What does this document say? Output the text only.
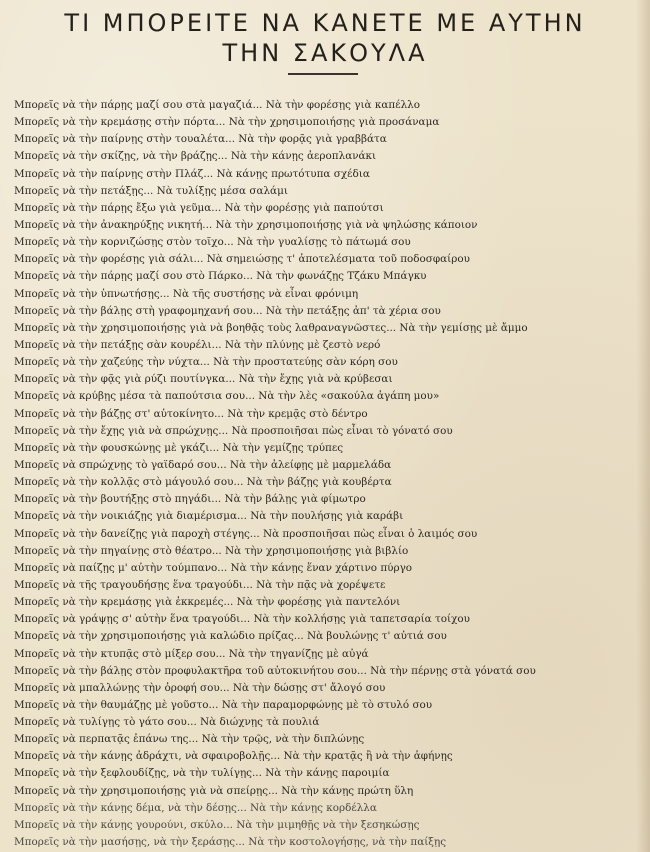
ΤΙ ΜΠΟΡΕΙΤΕ ΝΑ ΚΑΝΕΤΕ ΜΕ ΑΥΤΗΝ
ΤΗΝ ΣΑΚΟΥΛΑ
Μπορεῖς νὰ τὴν πάρῃς μαζί σου στὰ μαγαζιά... Νὰ τὴν φορέσῃς γιὰ καπέλλο
Μπορεῖς νὰ τὴν κρεμάσῃς στὴν πόρτα... Νὰ τὴν χρησιμοποιήσῃς γιὰ προσάναμα
Μπορεῖς νὰ τὴν παίρνῃς στὴν τουαλέτα... Νὰ τὴν φορᾷς γιὰ γραββάτα
Μπορεῖς νὰ τὴν σκίζῃς, νὰ τὴν βράζῃς... Νὰ τὴν κάνῃς ἀεροπλανάκι
Μπορεῖς νὰ τὴν παίρνῃς στὴν Πλάζ... Νὰ κάνῃς πρωτότυπα σχέδια
Μπορεῖς νὰ τὴν πετάξῃς... Νὰ τυλίξῃς μέσα σαλάμι
Μπορεῖς νὰ τὴν πάρῃς ἔξω γιὰ γεῦμα... Νὰ τὴν φορέσῃς γιὰ παπούτσι
Μπορεῖς νὰ τὴν ἀνακηρύξῃς νικητή... Νὰ τὴν χρησιμοποιήσῃς γιὰ νὰ ψηλώσῃς κάποιον
Μπορεῖς νὰ τὴν κορνιζώσῃς στὸν τοῖχο... Νὰ τὴν γυαλίσῃς τὸ πάτωμά σου
Μπορεῖς νὰ τὴν φορέσῃς γιὰ σάλι... Νὰ σημειώσῃς τ' ἀποτελέσματα τοῦ ποδοσφαίρου
Μπορεῖς νὰ τὴν πάρῃς μαζί σου στὸ Πάρκο... Νὰ τὴν φωνάζῃς Τζάκυ Μπάγκυ
Μπορεῖς νὰ τὴν ὑπνωτήσῃς... Νὰ τῆς συστήσῃς νὰ εἶναι φρόνιμη
Μπορεῖς νὰ τὴν βάλῃς στὴ γραφομηχανή σου... Νὰ τὴν πετάξῃς ἀπ' τὰ χέρια σου
Μπορεῖς νὰ τὴν χρησιμοποιήσῃς γιὰ νὰ βοηθᾷς τοὺς λαθραναγνῶστες... Νὰ τὴν γεμίσῃς μὲ ἄμμο
Μπορεῖς νὰ τὴν πετάξῃς σὰν κουρέλι... Νὰ τὴν πλύνῃς μὲ ζεστὸ νερό
Μπορεῖς νὰ τὴν χαζεύῃς τὴν νύχτα... Νὰ τὴν προστατεύῃς σὰν κόρη σου
Μπορεῖς νὰ τὴν φᾷς γιὰ ρύζι πουτίνγκα... Νὰ τὴν ἔχῃς γιὰ νὰ κρύβεσαι
Μπορεῖς νὰ κρύβῃς μέσα τὰ παπούτσια σου... Νὰ τὴν λὲς «σακούλα ἀγάπη μου»
Μπορεῖς νὰ τὴν βάζῃς στ' αὐτοκίνητο... Νὰ τὴν κρεμᾷς στὸ δέντρο
Μπορεῖς νὰ τὴν ἔχῃς γιὰ νὰ σπρώχνῃς... Νὰ προσποιῆσαι πὼς εἶναι τὸ γόνατό σου
Μπορεῖς νὰ τὴν φουσκώνῃς μὲ γκάζι... Νὰ τὴν γεμίζῃς τρύπες
Μπορεῖς νὰ σπρώχνῃς τὸ γαϊδαρό σου... Νὰ τὴν ἀλείφῃς μὲ μαρμελάδα
Μπορεῖς νὰ τὴν κολλᾷς στὸ μάγουλό σου... Νὰ τὴν βάζῃς γιὰ κουβέρτα
Μπορεῖς νὰ τὴν βουτήξῃς στὸ πηγάδι... Νὰ τὴν βάλῃς γιὰ φίμωτρο
Μπορεῖς νὰ τὴν νοικιάζῃς γιὰ διαμέρισμα... Νὰ τὴν πουλήσῃς γιὰ καράβι
Μπορεῖς νὰ τὴν δανείζῃς γιὰ παροχὴ στέγης... Νὰ προσποιῆσαι πὼς εἶναι ὁ λαιμός σου
Μπορεῖς νὰ τὴν πηγαίνῃς στὸ θέατρο... Νὰ τὴν χρησιμοποιήσῃς γιὰ βιβλίο
Μπορεῖς νὰ παίζῃς μ' αὐτὴν τούμπανο... Νὰ τὴν κάνῃς ἕναν χάρτινο πύργο
Μπορεῖς νὰ τῆς τραγουδήσῃς ἕνα τραγούδι... Νὰ τὴν πᾷς νὰ χορέψετε
Μπορεῖς νὰ τὴν κρεμάσῃς γιὰ ἐκκρεμές... Νὰ τὴν φορέσῃς γιὰ παντελόνι
Μπορεῖς νὰ γράψῃς σ' αὐτὴν ἕνα τραγούδι... Νὰ τὴν κολλήσῃς γιὰ ταπετσαρία τοίχου
Μπορεῖς νὰ τὴν χρησιμοποιήσῃς γιὰ καλώδιο πρίζας... Νὰ βουλώνῃς τ' αὐτιά σου
Μπορεῖς νὰ τὴν κτυπᾷς στὸ μίξερ σου... Νὰ τὴν τηγανίζῃς μὲ αὐγά
Μπορεῖς νὰ τὴν βάλῃς στὸν προφυλακτῆρα τοῦ αὐτοκινήτου σου... Νὰ τὴν πέρνῃς στὰ γόνατά σου
Μπορεῖς νὰ μπαλλώνῃς τὴν ὀροφή σου... Νὰ τὴν δώσῃς στ' ἄλογό σου
Μπορεῖς νὰ τὴν θαυμάζῃς μὲ γοῦστο... Νὰ τὴν παραμορφώνῃς μὲ τὸ στυλό σου
Μπορεῖς νὰ τυλίγῃς τὸ γάτο σου... Νὰ διώχνῃς τὰ πουλιά
Μπορεῖς νὰ περπατᾷς ἐπάνω της... Νὰ τὴν τρῷς, νὰ τὴν διπλώνῃς
Μπορεῖς νὰ τὴν κάνῃς ἀδράχτι, νὰ σφαιροβολῇς... Νὰ τὴν κρατᾷς ἢ νὰ τὴν ἀφήνῃς
Μπορεῖς νὰ τὴν ξεφλουδίζῃς, νὰ τὴν τυλίγῃς... Νὰ τὴν κάνῃς παροιμία
Μπορεῖς νὰ τὴν χρησιμοποιήσῃς γιὰ νὰ σπείρῃς... Νὰ τὴν κάνῃς πρώτη ὕλη
Μπορεῖς νὰ τὴν κάνῃς δέμα, νὰ τὴν δέσῃς... Νὰ τὴν κάνῃς κορδέλλα
Μπορεῖς νὰ τὴν κάνῃς γουρούνι, σκύλο... Νὰ τὴν μιμηθῇς νὰ τὴν ξεσηκώσῃς
Μπορεῖς νὰ τὴν μασήσῃς, νὰ τὴν ξεράσῃς... Νὰ τὴν κοστολογήσῃς, νὰ τὴν παίξῃς
